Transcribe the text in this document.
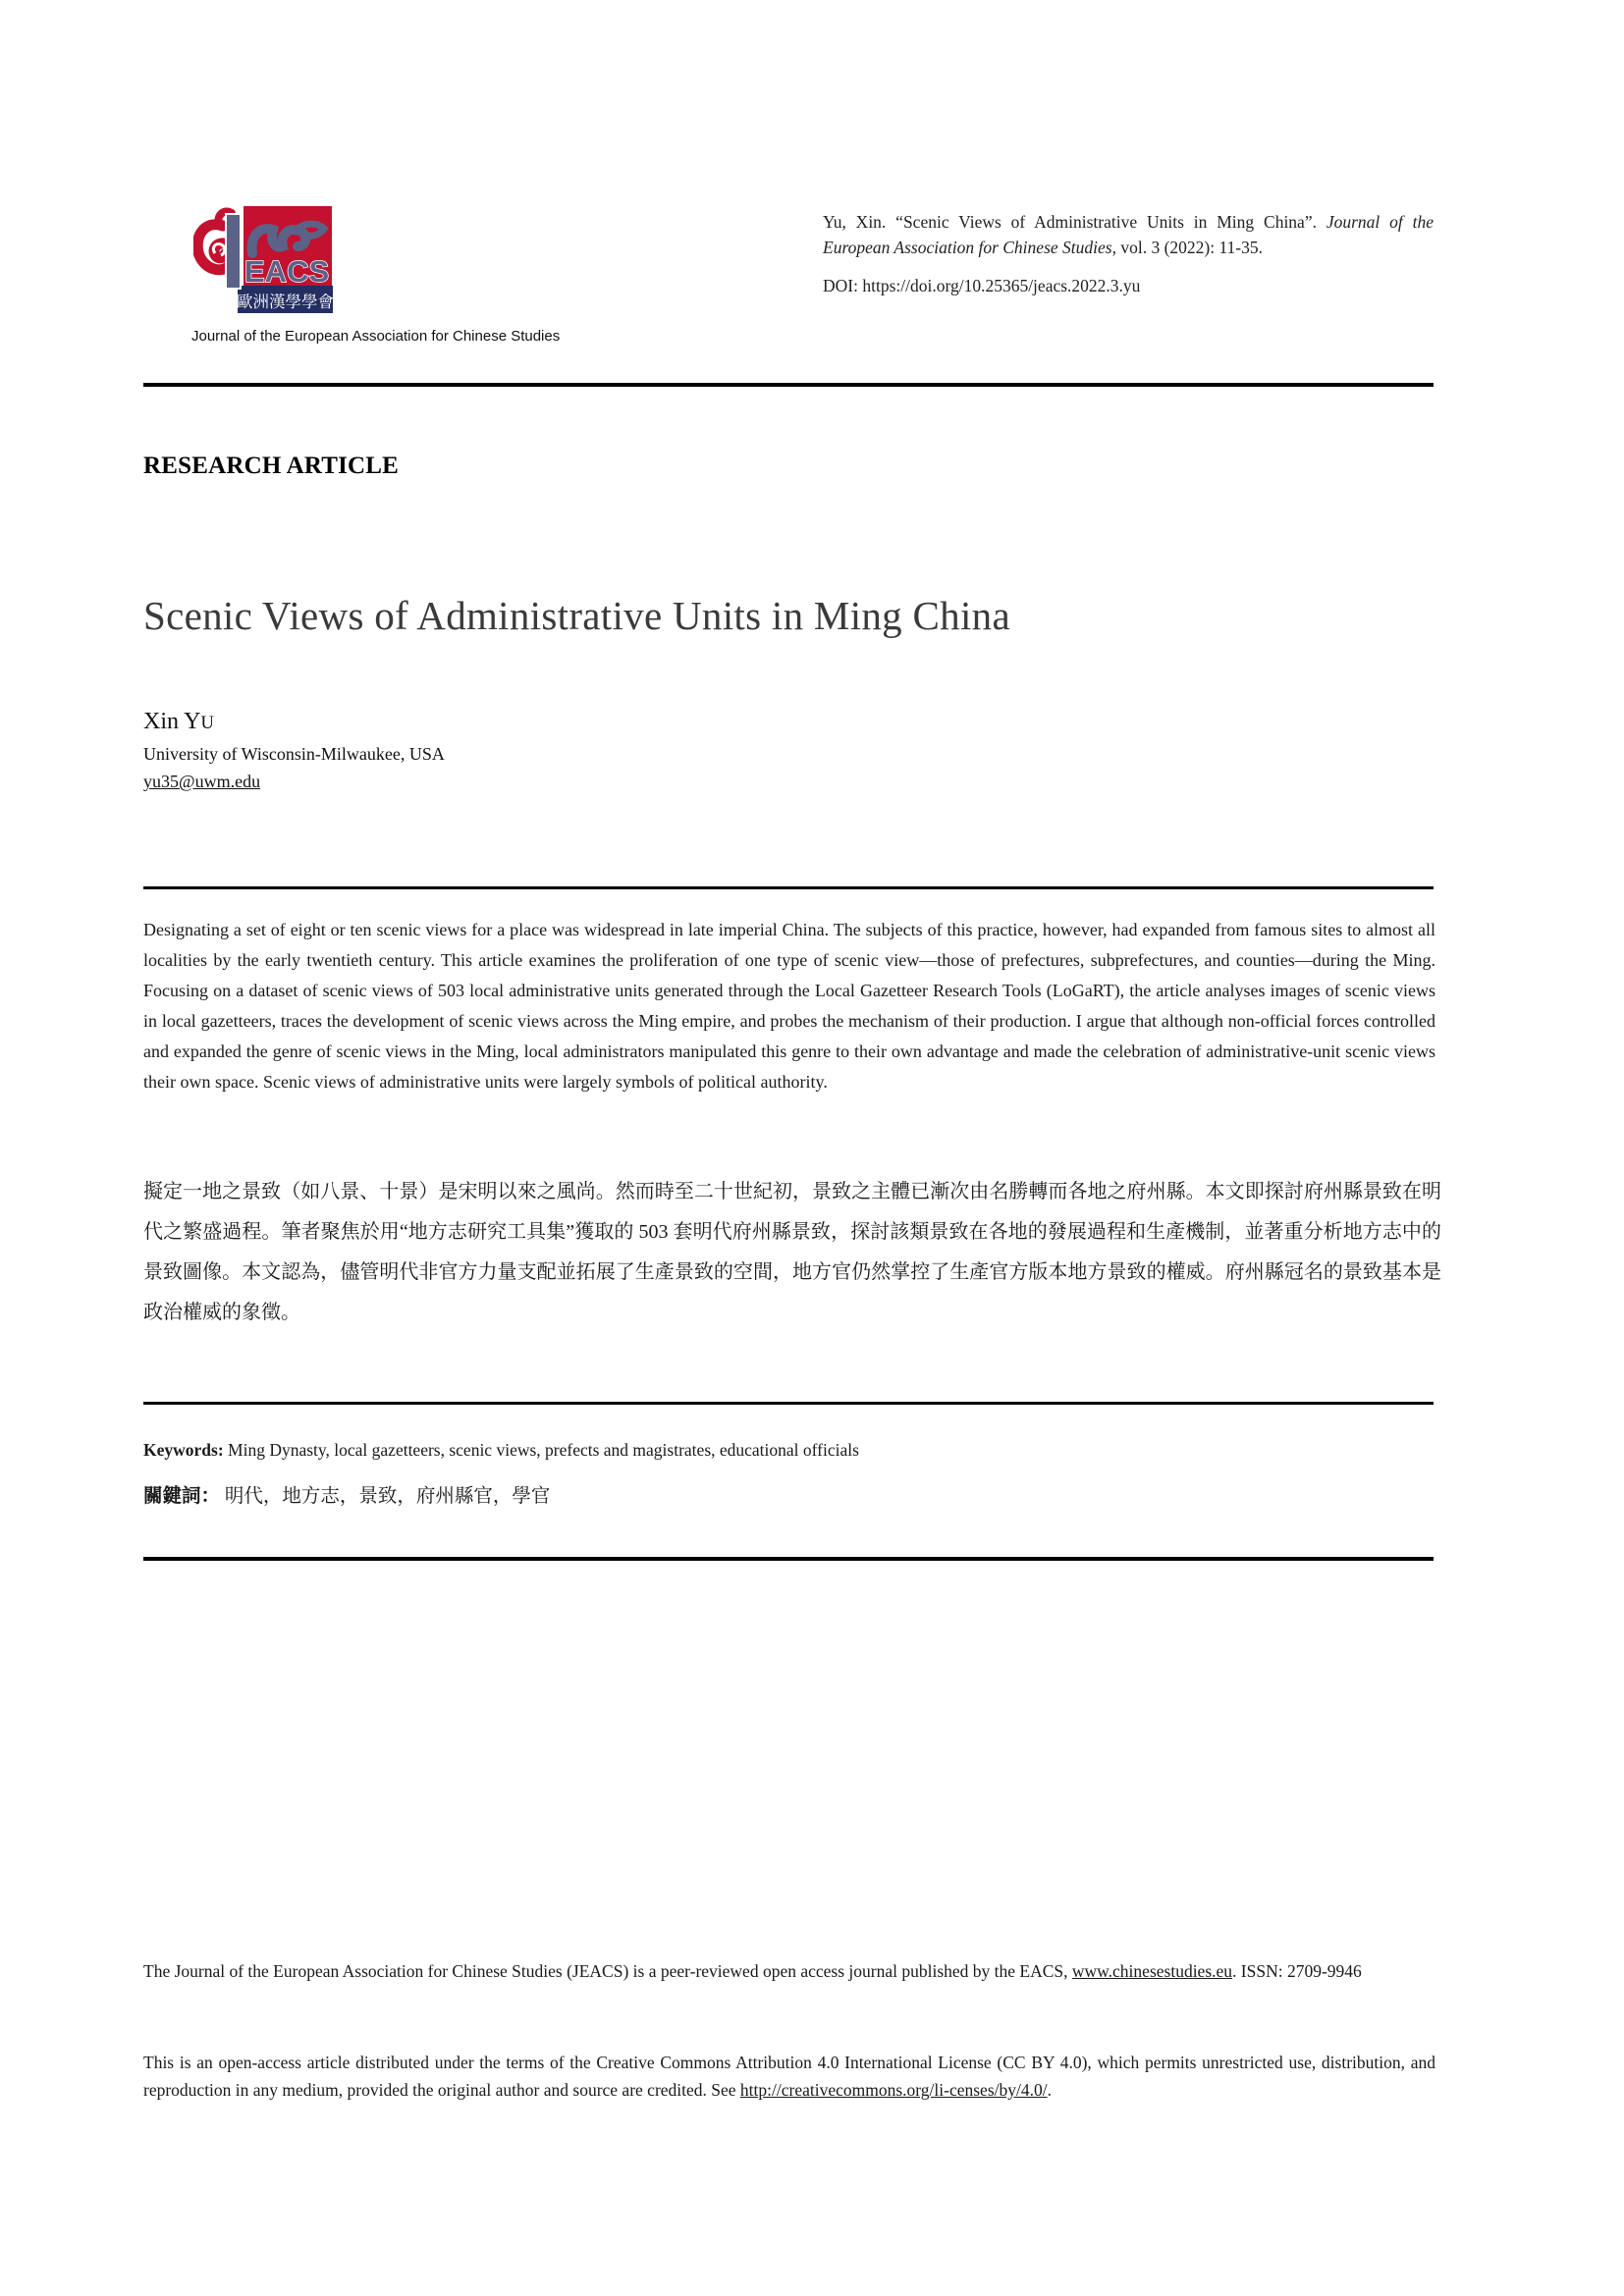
EACS
歐洲漢學學會
Journal of the European Association for Chinese Studies
Yu, Xin. “Scenic Views of Administrative Units in Ming China”. Journal of the European Association for Chinese Studies, vol. 3 (2022): 11-35.
DOI: https://doi.org/10.25365/jeacs.2022.3.yu
RESEARCH ARTICLE
Scenic Views of Administrative Units in Ming China
Xin YU
University of Wisconsin-Milwaukee, USA
yu35@uwm.edu

Designating a set of eight or ten scenic views for a place was widespread in late imperial China. The subjects of this practice, however, had expanded from famous sites to almost all localities by the early twentieth century. This article examines the proliferation of one type of scenic view—those of prefectures, subprefectures, and counties—during the Ming. Focusing on a dataset of scenic views of 503 local administrative units generated through the Local Gazetteer Research Tools (LoGaRT), the article analyses images of scenic views in local gazetteers, traces the development of scenic views across the Ming empire, and probes the mechanism of their production. I argue that although non-official forces controlled and expanded the genre of scenic views in the Ming, local administrators manipulated this genre to their own advantage and made the celebration of administrative-unit scenic views their own space. Scenic views of administrative units were largely symbols of political authority.

擬定一地之景致（如八景、十景）是宋明以來之風尚。然而時至二十世紀初，景致之主體已漸次由名勝轉而各地之府州縣。本文即探討府州縣景致在明代之繁盛過程。筆者聚焦於用“地方志研究工具集”獲取的 503 套明代府州縣景致，探討該類景致在各地的發展過程和生產機制，並著重分析地方志中的景致圖像。本文認為，儘管明代非官方力量支配並拓展了生產景致的空間，地方官仍然掌控了生產官方版本地方景致的權威。府州縣冠名的景致基本是政治權威的象徵。

Keywords: Ming Dynasty, local gazetteers, scenic views, prefects and magistrates, educational officials
關鍵詞： 明代，地方志，景致，府州縣官，學官

The Journal of the European Association for Chinese Studies (JEACS) is a peer-reviewed open access journal published by the EACS, www.chinesestudies.eu. ISSN: 2709-9946

This is an open-access article distributed under the terms of the Creative Commons Attribution 4.0 International License (CC BY 4.0), which permits unrestricted use, distribution, and reproduction in any medium, provided the original author and source are credited. See http://creativecommons.org/li-censes/by/4.0/.
